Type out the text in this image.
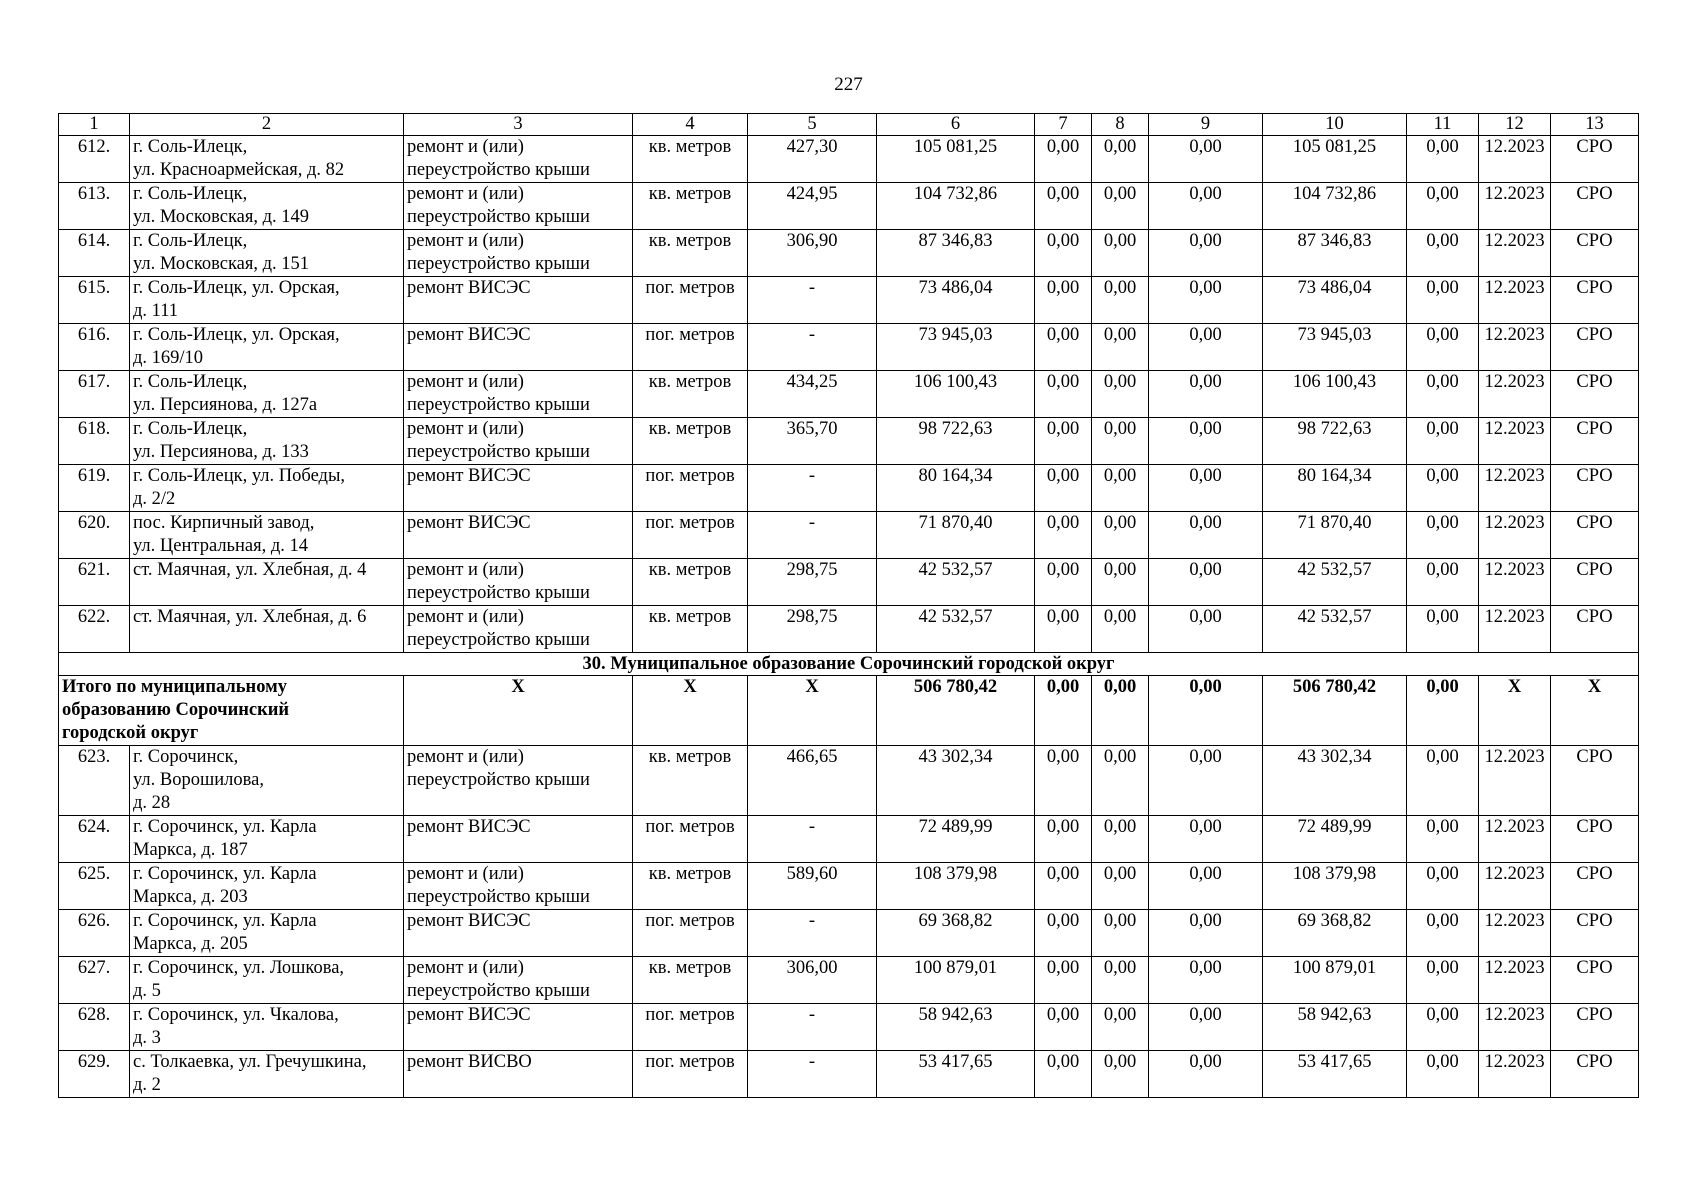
227
1	2	3	4	5	6	7	8	9	10	11	12	13
612.	г. Соль-Илецк,
ул. Красноармейская, д. 82	ремонт и (или)
переустройство крыши	кв. метров	427,30	105 081,25	0,00	0,00	0,00	105 081,25	0,00	12.2023	СРО
613.	г. Соль-Илецк,
ул. Московская, д. 149	ремонт и (или)
переустройство крыши	кв. метров	424,95	104 732,86	0,00	0,00	0,00	104 732,86	0,00	12.2023	СРО
614.	г. Соль-Илецк,
ул. Московская, д. 151	ремонт и (или)
переустройство крыши	кв. метров	306,90	87 346,83	0,00	0,00	0,00	87 346,83	0,00	12.2023	СРО
615.	г. Соль-Илецк, ул. Орская,
д. 111	ремонт ВИСЭС	пог. метров	-	73 486,04	0,00	0,00	0,00	73 486,04	0,00	12.2023	СРО
616.	г. Соль-Илецк, ул. Орская,
д. 169/10	ремонт ВИСЭС	пог. метров	-	73 945,03	0,00	0,00	0,00	73 945,03	0,00	12.2023	СРО
617.	г. Соль-Илецк,
ул. Персиянова, д. 127а	ремонт и (или)
переустройство крыши	кв. метров	434,25	106 100,43	0,00	0,00	0,00	106 100,43	0,00	12.2023	СРО
618.	г. Соль-Илецк,
ул. Персиянова, д. 133	ремонт и (или)
переустройство крыши	кв. метров	365,70	98 722,63	0,00	0,00	0,00	98 722,63	0,00	12.2023	СРО
619.	г. Соль-Илецк, ул. Победы,
д. 2/2	ремонт ВИСЭС	пог. метров	-	80 164,34	0,00	0,00	0,00	80 164,34	0,00	12.2023	СРО
620.	пос. Кирпичный завод,
ул. Центральная, д. 14	ремонт ВИСЭС	пог. метров	-	71 870,40	0,00	0,00	0,00	71 870,40	0,00	12.2023	СРО
621.	ст. Маячная, ул. Хлебная, д. 4	ремонт и (или)
переустройство крыши	кв. метров	298,75	42 532,57	0,00	0,00	0,00	42 532,57	0,00	12.2023	СРО
622.	ст. Маячная, ул. Хлебная, д. 6	ремонт и (или)
переустройство крыши	кв. метров	298,75	42 532,57	0,00	0,00	0,00	42 532,57	0,00	12.2023	СРО
30. Муниципальное образование Сорочинский городской округ												

Итого по муниципальному
образованию Сорочинский
городской округ		Х	Х	Х	506 780,42	0,00	0,00	0,00	506 780,42	0,00	Х	Х
623.	г. Сорочинск,
ул. Ворошилова,
д. 28	ремонт и (или)
переустройство крыши	кв. метров	466,65	43 302,34	0,00	0,00	0,00	43 302,34	0,00	12.2023	СРО
624.	г. Сорочинск, ул. Карла
Маркса, д. 187	ремонт ВИСЭС	пог. метров	-	72 489,99	0,00	0,00	0,00	72 489,99	0,00	12.2023	СРО
625.	г. Сорочинск, ул. Карла
Маркса, д. 203	ремонт и (или)
переустройство крыши	кв. метров	589,60	108 379,98	0,00	0,00	0,00	108 379,98	0,00	12.2023	СРО
626.	г. Сорочинск, ул. Карла
Маркса, д. 205	ремонт ВИСЭС	пог. метров	-	69 368,82	0,00	0,00	0,00	69 368,82	0,00	12.2023	СРО
627.	г. Сорочинск, ул. Лошкова,
д. 5	ремонт и (или)
переустройство крыши	кв. метров	306,00	100 879,01	0,00	0,00	0,00	100 879,01	0,00	12.2023	СРО
628.	г. Сорочинск, ул. Чкалова,
д. 3	ремонт ВИСЭС	пог. метров	-	58 942,63	0,00	0,00	0,00	58 942,63	0,00	12.2023	СРО
629.	с. Толкаевка, ул. Гречушкина,
д. 2	ремонт ВИСВО	пог. метров	-	53 417,65	0,00	0,00	0,00	53 417,65	0,00	12.2023	СРО
